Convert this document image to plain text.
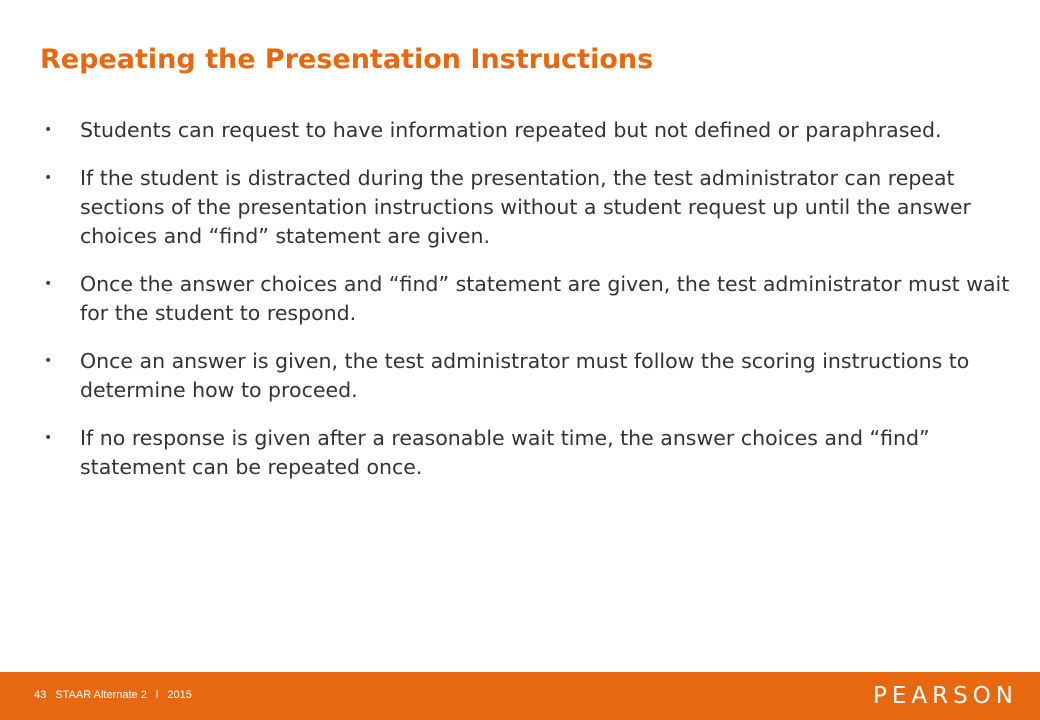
Repeating the Presentation Instructions
•	Students can request to have information repeated but not defined or paraphrased.
•	If the student is distracted during the presentation, the test administrator can repeat sections of the presentation instructions without a student request up until the answer choices and “find” statement are given.
•	Once the answer choices and “find” statement are given, the test administrator must wait for the student to respond.
•	Once an answer is given, the test administrator must follow the scoring instructions to determine how to proceed.
•	If no response is given after a reasonable wait time, the answer choices and “find” statement can be repeated once.
43 STAAR Alternate 2 l 2015	PEARSON
